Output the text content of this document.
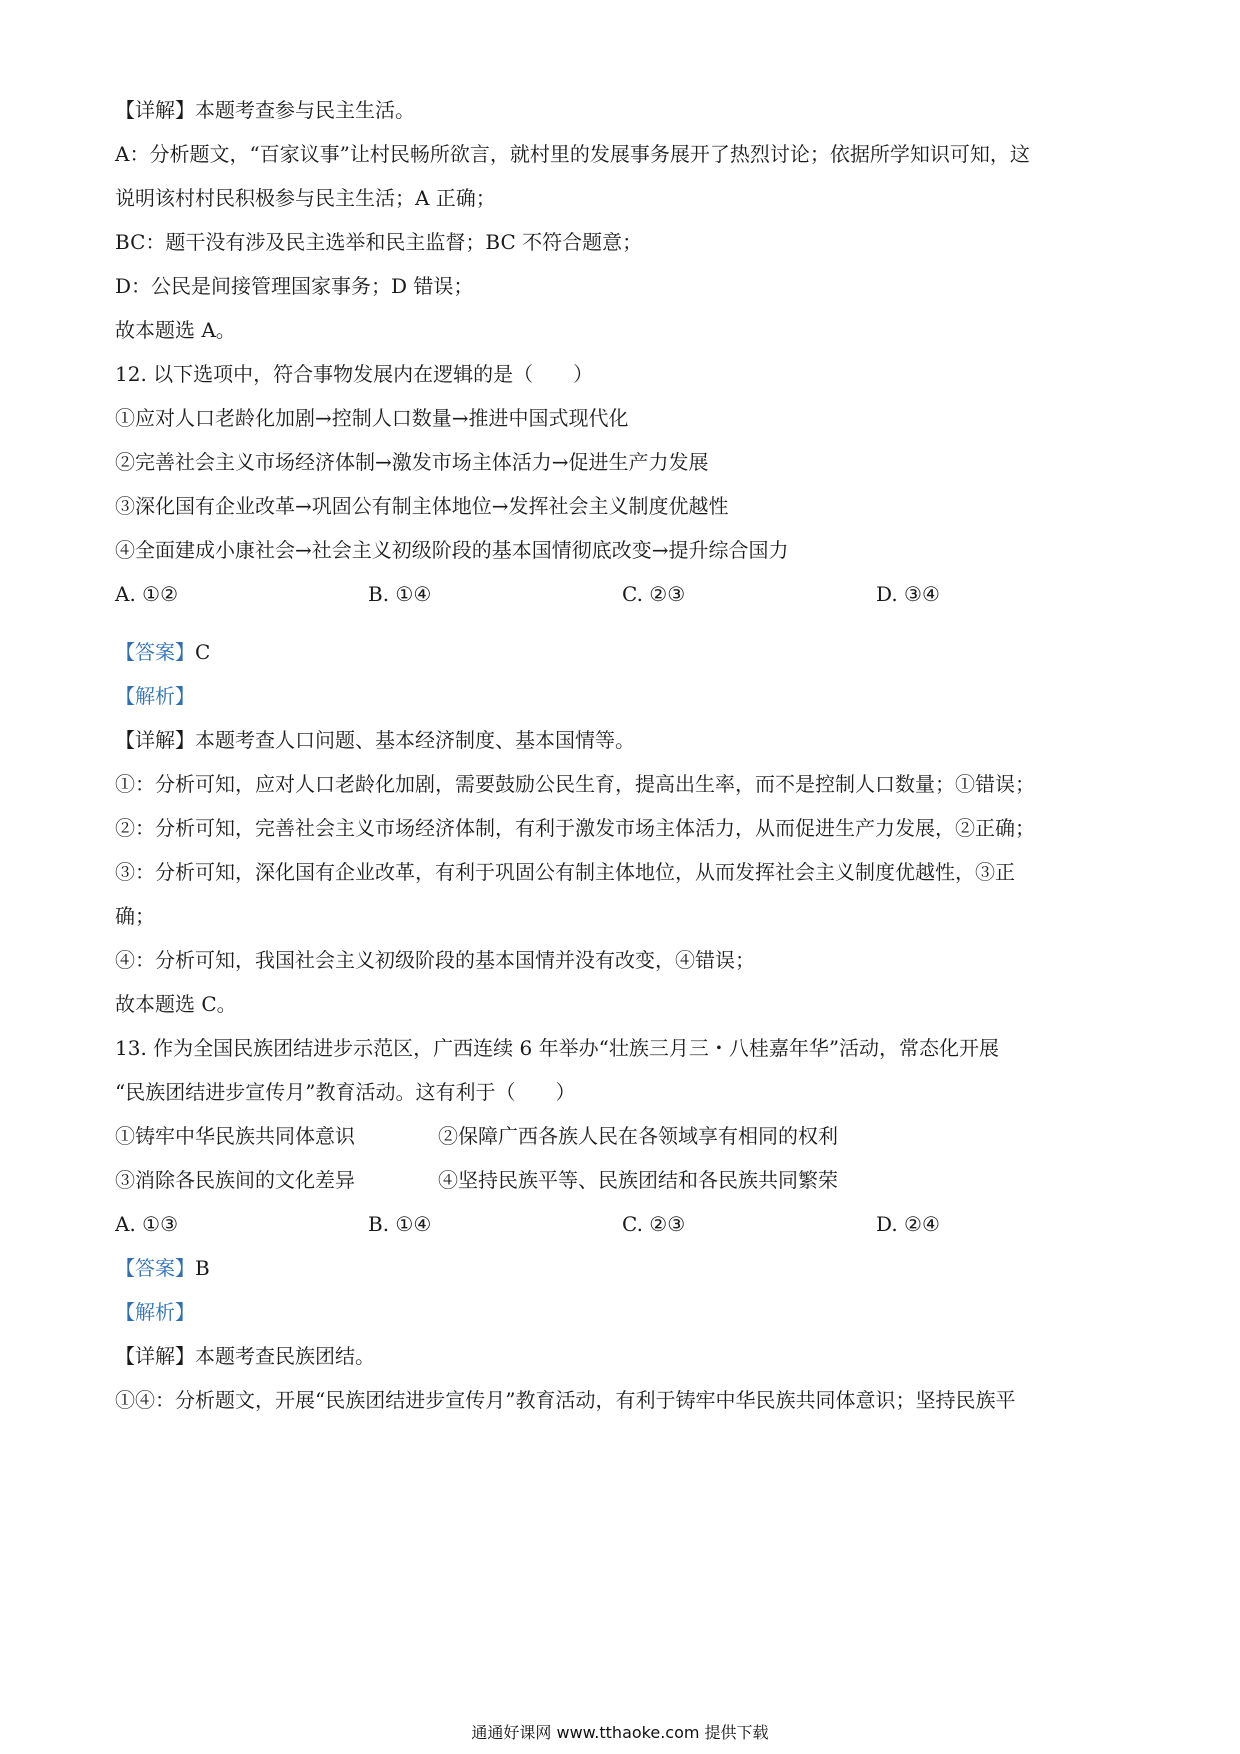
【详解】本题考查参与民主生活。
A：分析题文，“百家议事”让村民畅所欲言，就村里的发展事务展开了热烈讨论；依据所学知识可知，这
说明该村村民积极参与民主生活；A 正确；
BC：题干没有涉及民主选举和民主监督；BC 不符合题意；
D：公民是间接管理国家事务；D 错误；
故本题选 A。
12. 以下选项中，符合事物发展内在逻辑的是（　　）
①应对人口老龄化加剧→控制人口数量→推进中国式现代化
②完善社会主义市场经济体制→激发市场主体活力→促进生产力发展
③深化国有企业改革→巩固公有制主体地位→发挥社会主义制度优越性
④全面建成小康社会→社会主义初级阶段的基本国情彻底改变→提升综合国力
A. ①②	B. ①④	C. ②③	D. ③④
【答案】C
【解析】
【详解】本题考查人口问题、基本经济制度、基本国情等。
①：分析可知，应对人口老龄化加剧，需要鼓励公民生育，提高出生率，而不是控制人口数量；①错误；
②：分析可知，完善社会主义市场经济体制，有利于激发市场主体活力，从而促进生产力发展，②正确；
③：分析可知，深化国有企业改革，有利于巩固公有制主体地位，从而发挥社会主义制度优越性，③正
确；
④：分析可知，我国社会主义初级阶段的基本国情并没有改变，④错误；
故本题选 C。
13. 作为全国民族团结进步示范区，广西连续 6 年举办“壮族三月三・八桂嘉年华”活动，常态化开展
“民族团结进步宣传月”教育活动。这有利于（　　）
①铸牢中华民族共同体意识	②保障广西各族人民在各领域享有相同的权利
③消除各民族间的文化差异	④坚持民族平等、民族团结和各民族共同繁荣
A. ①③	B. ①④	C. ②③	D. ②④
【答案】B
【解析】
【详解】本题考查民族团结。
①④：分析题文，开展“民族团结进步宣传月”教育活动，有利于铸牢中华民族共同体意识；坚持民族平
通通好课网 www.tthaoke.com 提供下载
